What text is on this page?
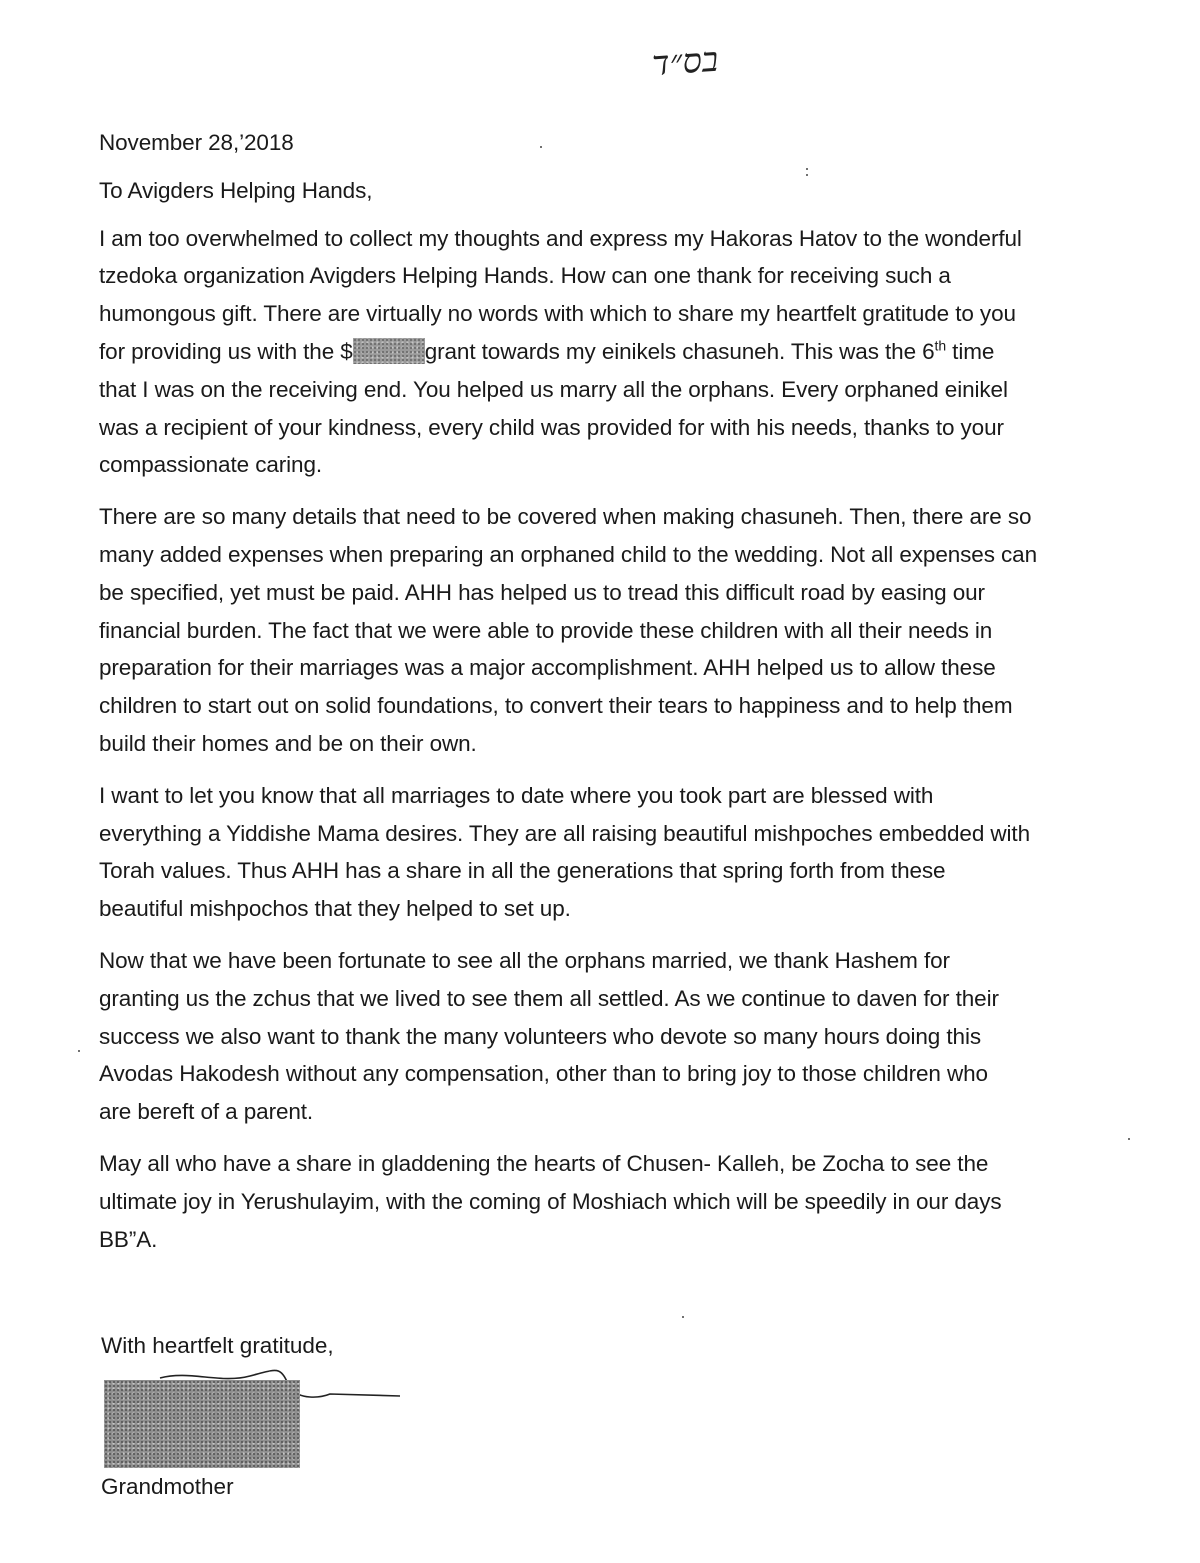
בס״ד
November 28,’2018
To Avigders Helping Hands,
I am too overwhelmed to collect my thoughts and express my Hakoras Hatov to the wonderful
tzedoka organization Avigders Helping Hands. How can one thank for receiving such a
humongous gift. There are virtually no words with which to share my heartfelt gratitude to you
for providing us with the $	grant towards my einikels chasuneh. This was the 6th time
that I was on the receiving end. You helped us marry all the orphans. Every orphaned einikel
was a recipient of your kindness, every child was provided for with his needs, thanks to your
compassionate caring.
There are so many details that need to be covered when making chasuneh. Then, there are so
many added expenses when preparing an orphaned child to the wedding. Not all expenses can
be specified, yet must be paid. AHH has helped us to tread this difficult road by easing our
financial burden. The fact that we were able to provide these children with all their needs in
preparation for their marriages was a major accomplishment. AHH helped us to allow these
children to start out on solid foundations, to convert their tears to happiness and to help them
build their homes and be on their own.
I want to let you know that all marriages to date where you took part are blessed with
everything a Yiddishe Mama desires. They are all raising beautiful mishpoches embedded with
Torah values. Thus AHH has a share in all the generations that spring forth from these
beautiful mishpochos that they helped to set up.
Now that we have been fortunate to see all the orphans married, we thank Hashem for
granting us the zchus that we lived to see them all settled. As we continue to daven for their
success we also want to thank the many volunteers who devote so many hours doing this
Avodas Hakodesh without any compensation, other than to bring joy to those children who
are bereft of a parent.
May all who have a share in gladdening the hearts of Chusen- Kalleh, be Zocha to see the
ultimate joy in Yerushulayim, with the coming of Moshiach which will be speedily in our days
BB”A.
With heartfelt gratitude,
Grandmother
